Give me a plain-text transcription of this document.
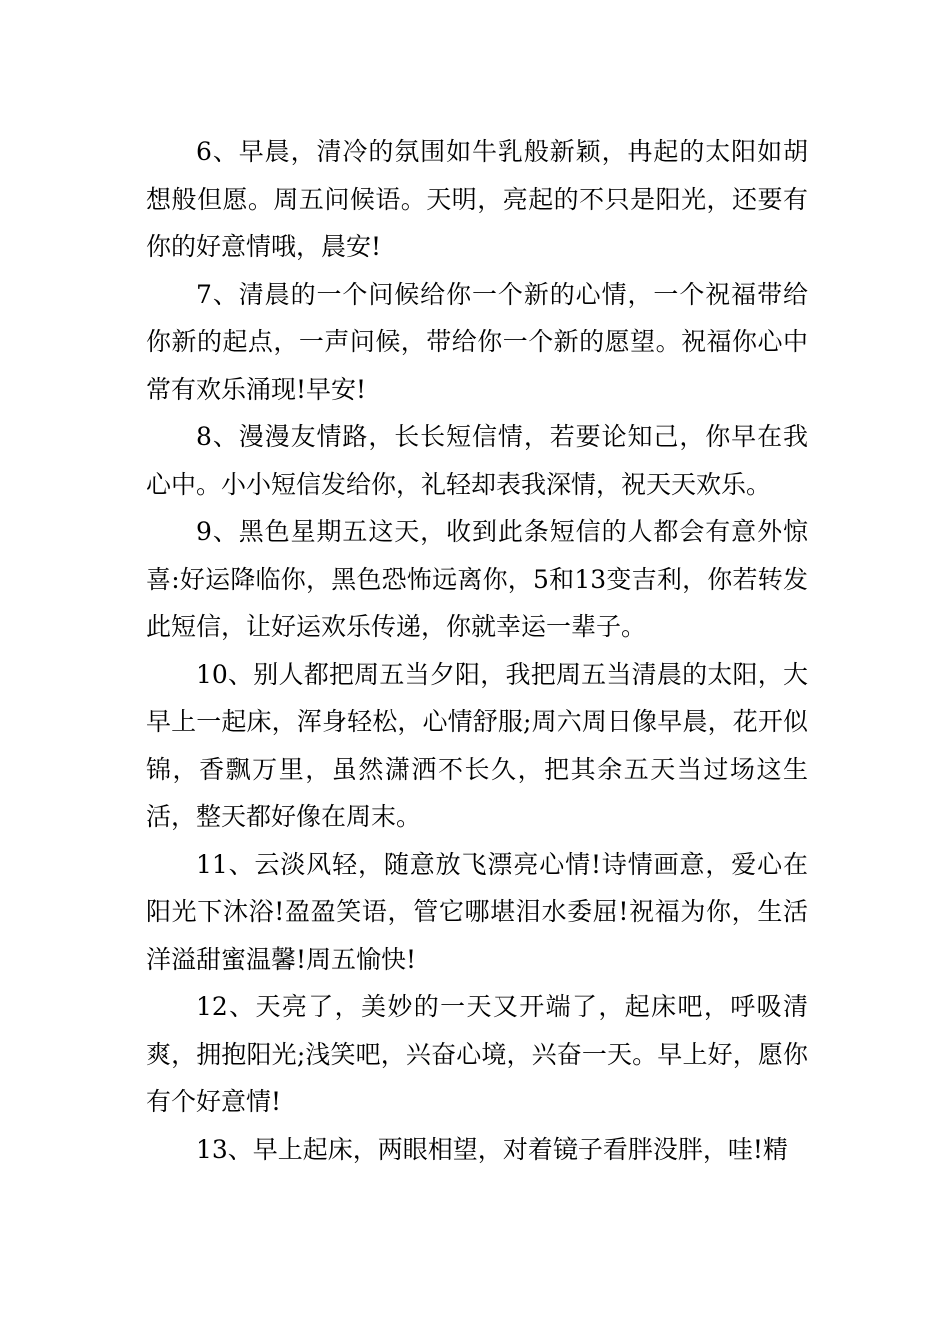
6、早晨，清冷的氛围如牛乳般新颖，冉起的太阳如胡想般但愿。周五问候语。天明，亮起的不只是阳光，还要有你的好意情哦，晨安!

7、清晨的一个问候给你一个新的心情，一个祝福带给你新的起点，一声问候，带给你一个新的愿望。祝福你心中常有欢乐涌现!早安!

8、漫漫友情路，长长短信情，若要论知己，你早在我心中。小小短信发给你，礼轻却表我深情，祝天天欢乐。

9、黑色星期五这天，收到此条短信的人都会有意外惊喜:好运降临你，黑色恐怖远离你，5和13变吉利，你若转发此短信，让好运欢乐传递，你就幸运一辈子。

10、别人都把周五当夕阳，我把周五当清晨的太阳，大早上一起床，浑身轻松，心情舒服;周六周日像早晨，花开似锦，香飘万里，虽然潇洒不长久，把其余五天当过场这生活，整天都好像在周末。

11、云淡风轻，随意放飞漂亮心情!诗情画意，爱心在阳光下沐浴!盈盈笑语，管它哪堪泪水委屈!祝福为你，生活洋溢甜蜜温馨!周五愉快!

12、天亮了，美妙的一天又开端了，起床吧，呼吸清爽，拥抱阳光;浅笑吧，兴奋心境，兴奋一天。早上好，愿你有个好意情!

13、早上起床，两眼相望，对着镜子看胖没胖，哇!精
